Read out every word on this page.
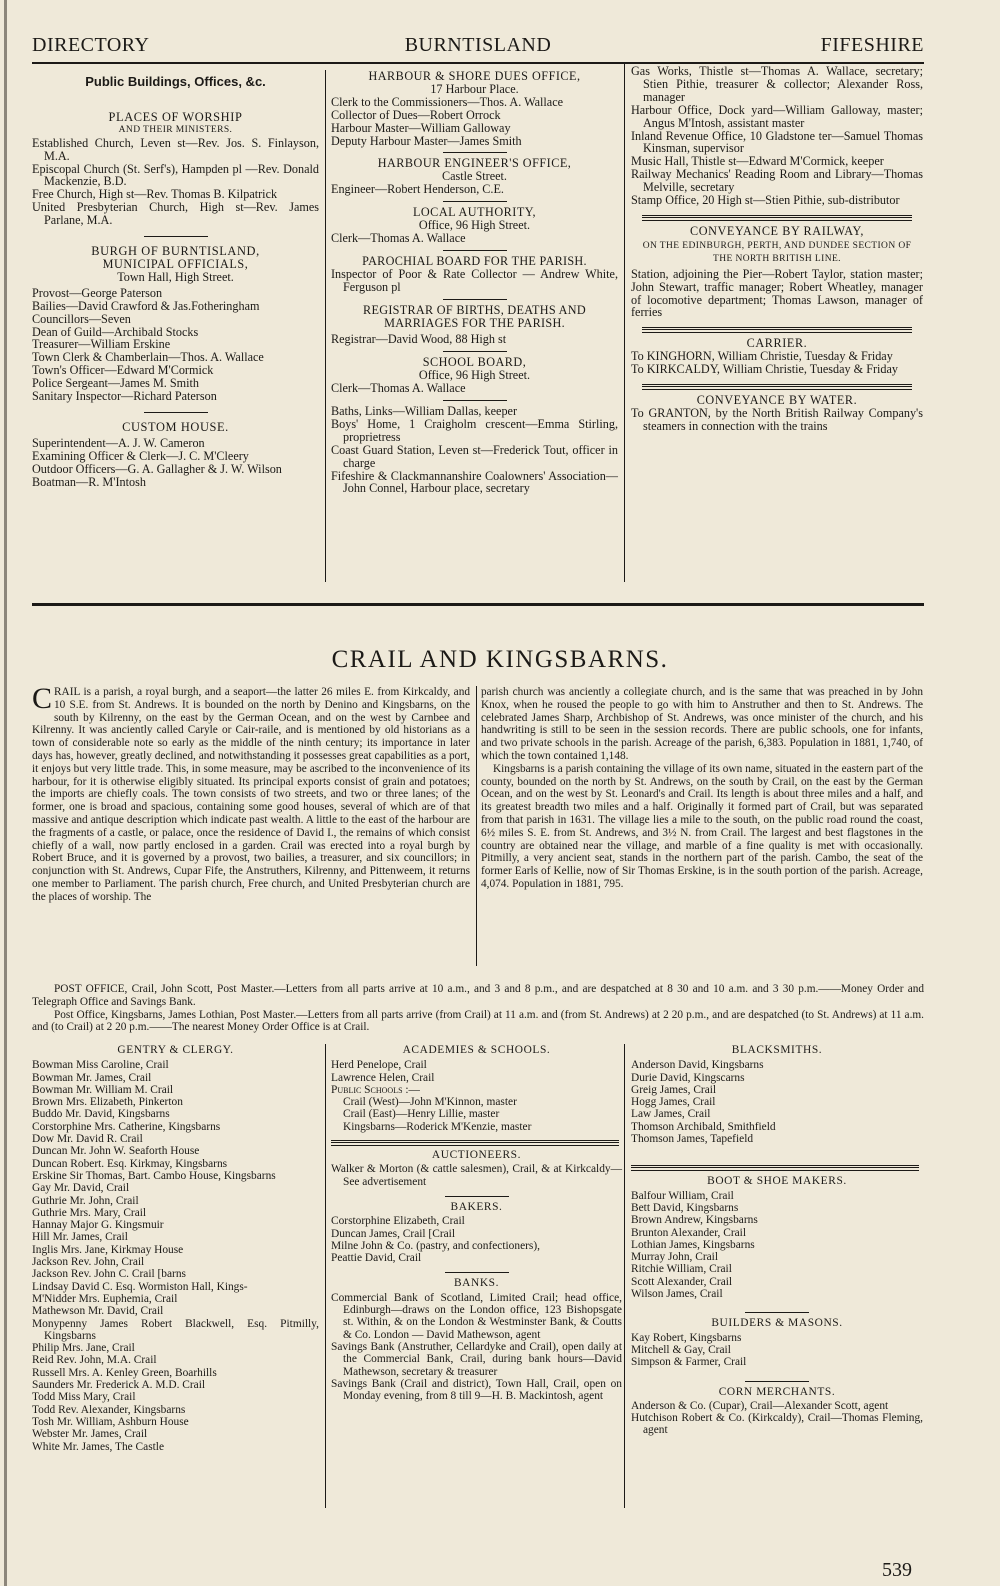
DIRECTORY	BURNTISLAND	FIFESHIRE

Public Buildings, Offices, &c.

PLACES OF WORSHIP

AND THEIR MINISTERS.

Established Church, Leven st—Rev. Jos. S. Finlayson, M.A.

Episcopal Church (St. Serf's), Hampden pl —Rev. Donald Mackenzie, B.D.

Free Church, High st—Rev. Thomas B. Kilpatrick

United Presbyterian Church, High st—Rev. James Parlane, M.A.

BURGH OF BURNTISLAND,

MUNICIPAL OFFICIALS,

Town Hall, High Street.

Provost—George Paterson

Bailies—David Crawford & Jas.Fotheringham

Councillors—Seven

Dean of Guild—Archibald Stocks

Treasurer—William Erskine

Town Clerk & Chamberlain—Thos. A. Wallace

Town's Officer—Edward M'Cormick

Police Sergeant—James M. Smith

Sanitary Inspector—Richard Paterson

CUSTOM HOUSE.

Superintendent—A. J. W. Cameron

Examining Officer & Clerk—J. C. M'Cleery

Outdoor Officers—G. A. Gallagher & J. W. Wilson

Boatman—R. M'Intosh

HARBOUR & SHORE DUES OFFICE,

17 Harbour Place.

Clerk to the Commissioners—Thos. A. Wallace

Collector of Dues—Robert Orrock

Harbour Master—William Galloway

Deputy Harbour Master—James Smith

HARBOUR ENGINEER'S OFFICE,

Castle Street.

Engineer—Robert Henderson, C.E.

LOCAL AUTHORITY,

Office, 96 High Street.

Clerk—Thomas A. Wallace

PAROCHIAL BOARD FOR THE PARISH.

Inspector of Poor & Rate Collector — Andrew White, Ferguson pl

REGISTRAR OF BIRTHS, DEATHS AND MARRIAGES FOR THE PARISH.

Registrar—David Wood, 88 High st

SCHOOL BOARD,

Office, 96 High Street.

Clerk—Thomas A. Wallace

Baths, Links—William Dallas, keeper

Boys' Home, 1 Craigholm crescent—Emma Stirling, proprietress

Coast Guard Station, Leven st—Frederick Tout, officer in charge

Fifeshire & Clackmannanshire Coalowners' Association—John Connel, Harbour place, secretary

Gas Works, Thistle st—Thomas A. Wallace, secretary; Stien Pithie, treasurer & collector; Alexander Ross, manager

Harbour Office, Dock yard—William Galloway, master; Angus M'Intosh, assistant master

Inland Revenue Office, 10 Gladstone ter—Samuel Thomas Kinsman, supervisor

Music Hall, Thistle st—Edward M'Cormick, keeper

Railway Mechanics' Reading Room and Library—Thomas Melville, secretary

Stamp Office, 20 High st—Stien Pithie, sub-distributor

CONVEYANCE BY RAILWAY,

ON THE EDINBURGH, PERTH, AND DUNDEE SECTION OF THE NORTH BRITISH LINE.

Station, adjoining the Pier—Robert Taylor, station master; John Stewart, traffic manager; Robert Wheatley, manager of locomotive department; Thomas Lawson, manager of ferries

CARRIER.

To KINGHORN, William Christie, Tuesday & Friday

To KIRKCALDY, William Christie, Tuesday & Friday

CONVEYANCE BY WATER.

To GRANTON, by the North British Railway Company's steamers in connection with the trains

CRAIL AND KINGSBARNS.

CRAIL is a parish, a royal burgh, and a seaport—the latter 26 miles E. from Kirkcaldy, and 10 S.E. from St. Andrews. It is bounded on the north by Denino and Kingsbarns, on the south by Kilrenny, on the east by the German Ocean, and on the west by Carnbee and Kilrenny. It was anciently called Caryle or Cair-raile, and is mentioned by old historians as a town of considerable note so early as the middle of the ninth century; its importance in later days has, however, greatly declined, and notwithstanding it possesses great capabilities as a port, it enjoys but very little trade. This, in some measure, may be ascribed to the inconvenience of its harbour, for it is otherwise eligibly situated. Its principal exports consist of grain and potatoes; the imports are chiefly coals. The town consists of two streets, and two or three lanes; of the former, one is broad and spacious, containing some good houses, several of which are of that massive and antique description which indicate past wealth. A little to the east of the harbour are the fragments of a castle, or palace, once the residence of David I., the remains of which consist chiefly of a wall, now partly enclosed in a garden. Crail was erected into a royal burgh by Robert Bruce, and it is governed by a provost, two bailies, a treasurer, and six councillors; in conjunction with St. Andrews, Cupar Fife, the Anstruthers, Kilrenny, and Pittenweem, it returns one member to Parliament. The parish church, Free church, and United Presbyterian church are the places of worship. The

parish church was anciently a collegiate church, and is the same that was preached in by John Knox, when he roused the people to go with him to Anstruther and then to St. Andrews. The celebrated James Sharp, Archbishop of St. Andrews, was once minister of the church, and his handwriting is still to be seen in the session records. There are public schools, one for infants, and two private schools in the parish. Acreage of the parish, 6,383. Population in 1881, 1,740, of which the town contained 1,148.

Kingsbarns is a parish containing the village of its own name, situated in the eastern part of the county, bounded on the north by St. Andrews, on the south by Crail, on the east by the German Ocean, and on the west by St. Leonard's and Crail. Its length is about three miles and a half, and its greatest breadth two miles and a half. Originally it formed part of Crail, but was separated from that parish in 1631. The village lies a mile to the south, on the public road round the coast, 6½ miles S. E. from St. Andrews, and 3½ N. from Crail. The largest and best flagstones in the country are obtained near the village, and marble of a fine quality is met with occasionally. Pitmilly, a very ancient seat, stands in the northern part of the parish. Cambo, the seat of the former Earls of Kellie, now of Sir Thomas Erskine, is in the south portion of the parish. Acreage, 4,074. Population in 1881, 795.

POST OFFICE, Crail, John Scott, Post Master.—Letters from all parts arrive at 10 a.m., and 3 and 8 p.m., and are despatched at 8 30 and 10 a.m. and 3 30 p.m.——Money Order and Telegraph Office and Savings Bank.

Post Office, Kingsbarns, James Lothian, Post Master.—Letters from all parts arrive (from Crail) at 11 a.m. and (from St. Andrews) at 2 20 p.m., and are despatched (to St. Andrews) at 11 a.m. and (to Crail) at 2 20 p.m.——The nearest Money Order Office is at Crail.

GENTRY & CLERGY.

Bowman Miss Caroline, Crail

Bowman Mr. James, Crail

Bowman Mr. William M. Crail

Brown Mrs. Elizabeth, Pinkerton

Buddo Mr. David, Kingsbarns

Corstorphine Mrs. Catherine, Kingsbarns

Dow Mr. David R. Crail

Duncan Mr. John W. Seaforth House

Duncan Robert. Esq. Kirkmay, Kingsbarns

Erskine Sir Thomas, Bart. Cambo House, Kingsbarns

Gay Mr. David, Crail

Guthrie Mr. John, Crail

Guthrie Mrs. Mary, Crail

Hannay Major G. Kingsmuir

Hill Mr. James, Crail

Inglis Mrs. Jane, Kirkmay House

Jackson Rev. John, Crail

Jackson Rev. John C. Crail [barns

Lindsay David C. Esq. Wormiston Hall, Kings-

M'Nidder Mrs. Euphemia, Crail

Mathewson Mr. David, Crail

Monypenny James Robert Blackwell, Esq. Pitmilly, Kingsbarns

Philip Mrs. Jane, Crail

Reid Rev. John, M.A. Crail

Russell Mrs. A. Kenley Green, Boarhills

Saunders Mr. Frederick A. M.D. Crail

Todd Miss Mary, Crail

Todd Rev. Alexander, Kingsbarns

Tosh Mr. William, Ashburn House

Webster Mr. James, Crail

White Mr. James, The Castle

ACADEMIES & SCHOOLS.

Herd Penelope, Crail

Lawrence Helen, Crail

Public Schools :—

Crail (West)—John M'Kinnon, master

Crail (East)—Henry Lillie, master

Kingsbarns—Roderick M'Kenzie, master

AUCTIONEERS.

Walker & Morton (& cattle salesmen), Crail, & at Kirkcaldy—See advertisement

BAKERS.

Corstorphine Elizabeth, Crail

Duncan James, Crail [Crail

Milne John & Co. (pastry, and confectioners),

Peattie David, Crail

BANKS.

Commercial Bank of Scotland, Limited Crail; head office, Edinburgh—draws on the London office, 123 Bishopsgate st. Within, & on the London & Westminster Bank, & Coutts & Co. London — David Mathewson, agent

Savings Bank (Anstruther, Cellardyke and Crail), open daily at the Commercial Bank, Crail, during bank hours—David Mathewson, secretary & treasurer

Savings Bank (Crail and district), Town Hall, Crail, open on Monday evening, from 8 till 9—H. B. Mackintosh, agent

BLACKSMITHS.

Anderson David, Kingsbarns

Durie David, Kingscarns

Greig James, Crail

Hogg James, Crail

Law James, Crail

Thomson Archibald, Smithfield

Thomson James, Tapefield

BOOT & SHOE MAKERS.

Balfour William, Crail

Bett David, Kingsbarns

Brown Andrew, Kingsbarns

Brunton Alexander, Crail

Lothian James, Kingsbarns

Murray John, Crail

Ritchie William, Crail

Scott Alexander, Crail

Wilson James, Crail

BUILDERS & MASONS.

Kay Robert, Kingsbarns

Mitchell & Gay, Crail

Simpson & Farmer, Crail

CORN MERCHANTS.

Anderson & Co. (Cupar), Crail—Alexander Scott, agent

Hutchison Robert & Co. (Kirkcaldy), Crail—Thomas Fleming, agent

539
